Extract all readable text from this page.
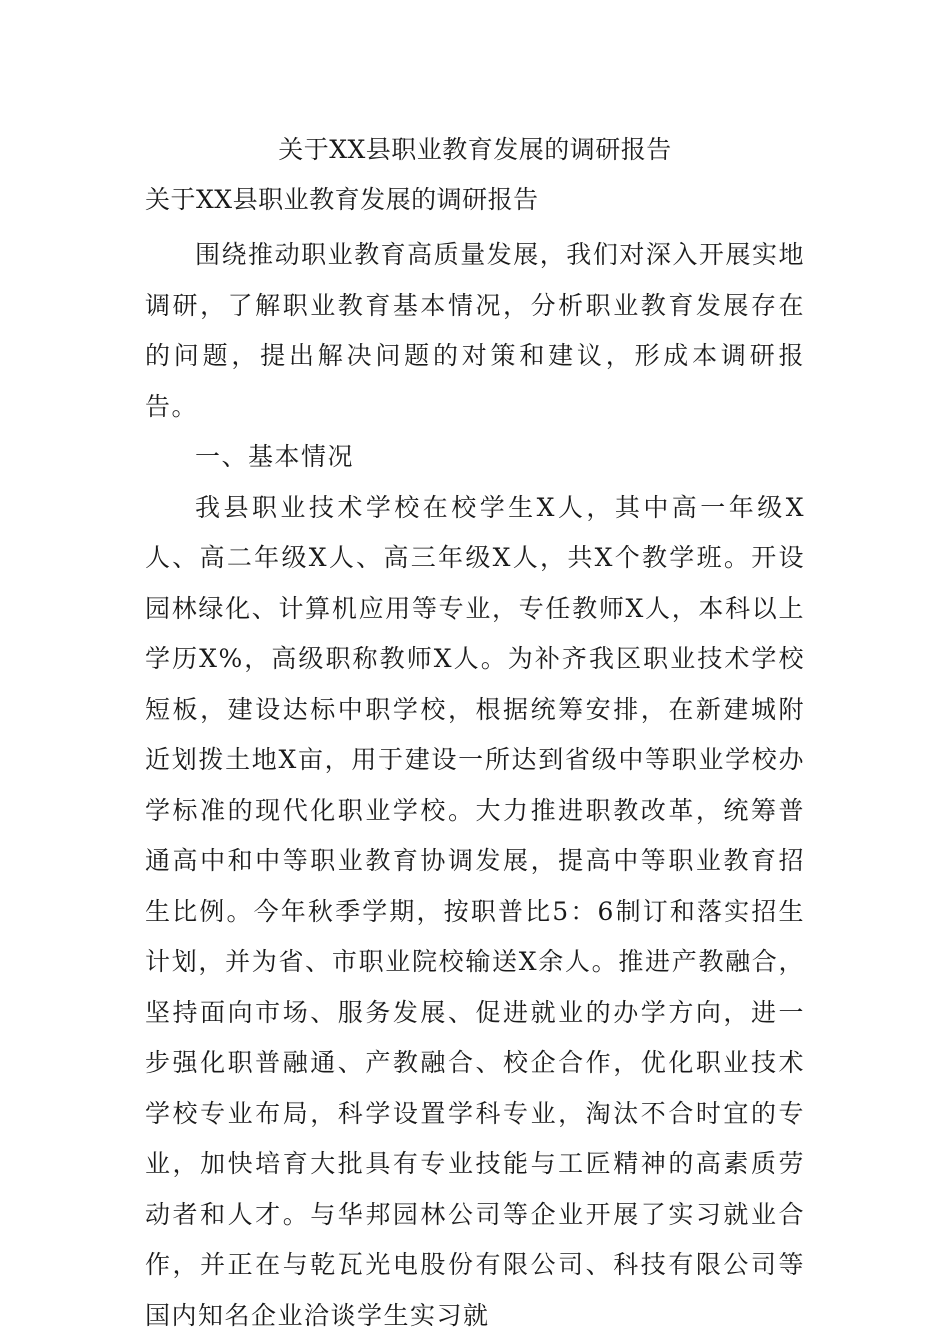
关于XX县职业教育发展的调研报告
关于XX县职业教育发展的调研报告

围绕推动职业教育高质量发展，我们对深入开展实地调研，了解职业教育基本情况，分析职业教育发展存在的问题，提出解决问题的对策和建议，形成本调研报告。

一、基本情况

我县职业技术学校在校学生X人，其中高一年级X人、高二年级X人、高三年级X人，共X个教学班。开设园林绿化、计算机应用等专业，专任教师X人，本科以上学历X%，高级职称教师X人。为补齐我区职业技术学校短板，建设达标中职学校，根据统筹安排，在新建城附近划拨土地X亩，用于建设一所达到省级中等职业学校办学标准的现代化职业学校。大力推进职教改革，统筹普通高中和中等职业教育协调发展，提高中等职业教育招生比例。今年秋季学期，按职普比5：6制订和落实招生计划，并为省、市职业院校输送X余人。推进产教融合，坚持面向市场、服务发展、促进就业的办学方向，进一步强化职普融通、产教融合、校企合作，优化职业技术学校专业布局，科学设置学科专业，淘汰不合时宜的专业，加快培育大批具有专业技能与工匠精神的高素质劳动者和人才。与华邦园林公司等企业开展了实习就业合作，并正在与乾瓦光电股份有限公司、科技有限公司等国内知名企业洽谈学生实习就
